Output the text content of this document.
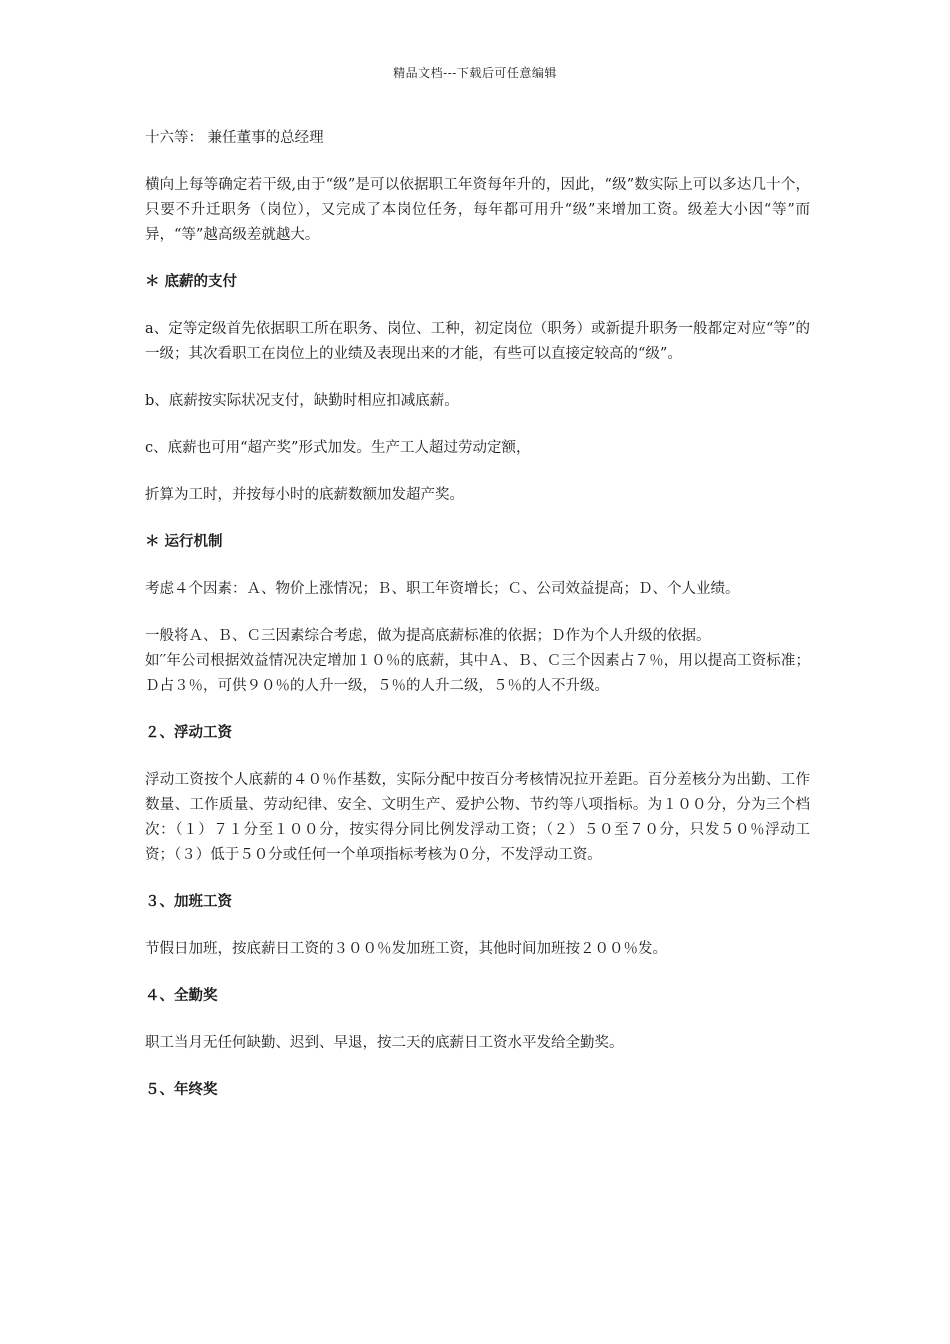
精品文档---下载后可任意编辑

十六等： 兼任董事的总经理

横向上每等确定若干级,由于“级”是可以依据职工年资每年升的，因此，“级”数实际上可以多达几十个，只要不升迁职务（岗位），又完成了本岗位任务，每年都可用升“级”来增加工资。级差大小因“等”而异，“等”越高级差就越大。

＊ 底薪的支付

a、定等定级首先依据职工所在职务、岗位、工种，初定岗位（职务）或新提升职务一般都定对应“等”的一级；其次看职工在岗位上的业绩及表现出来的才能，有些可以直接定较高的“级”。

b、底薪按实际状况支付，缺勤时相应扣减底薪。

c、底薪也可用“超产奖”形式加发。生产工人超过劳动定额，

折算为工时，并按每小时的底薪数额加发超产奖。

＊ 运行机制

考虑４个因素：Ａ、物价上涨情况；Ｂ、职工年资增长；Ｃ、公司效益提高；Ｄ、个人业绩。

一般将Ａ、Ｂ、Ｃ三因素综合考虑，做为提高底薪标准的依据；Ｄ作为个人升级的依据。

如′′年公司根据效益情况决定增加１０％的底薪，其中Ａ、Ｂ、Ｃ三个因素占７％，用以提高工资标准；Ｄ占３％，可供９０％的人升一级，５％的人升二级，５％的人不升级。

２、浮动工资

浮动工资按个人底薪的４０％作基数，实际分配中按百分考核情况拉开差距。百分差核分为出勤、工作数量、工作质量、劳动纪律、安全、文明生产、爱护公物、节约等八项指标。为１００分，分为三个档次：（１）７１分至１００分，按实得分同比例发浮动工资；（２）５０至７０分，只发５０％浮动工资；（３）低于５０分或任何一个单项指标考核为０分，不发浮动工资。

３、加班工资

节假日加班，按底薪日工资的３００％发加班工资，其他时间加班按２００％发。

４、全勤奖

职工当月无任何缺勤、迟到、早退，按二天的底薪日工资水平发给全勤奖。

５、年终奖
